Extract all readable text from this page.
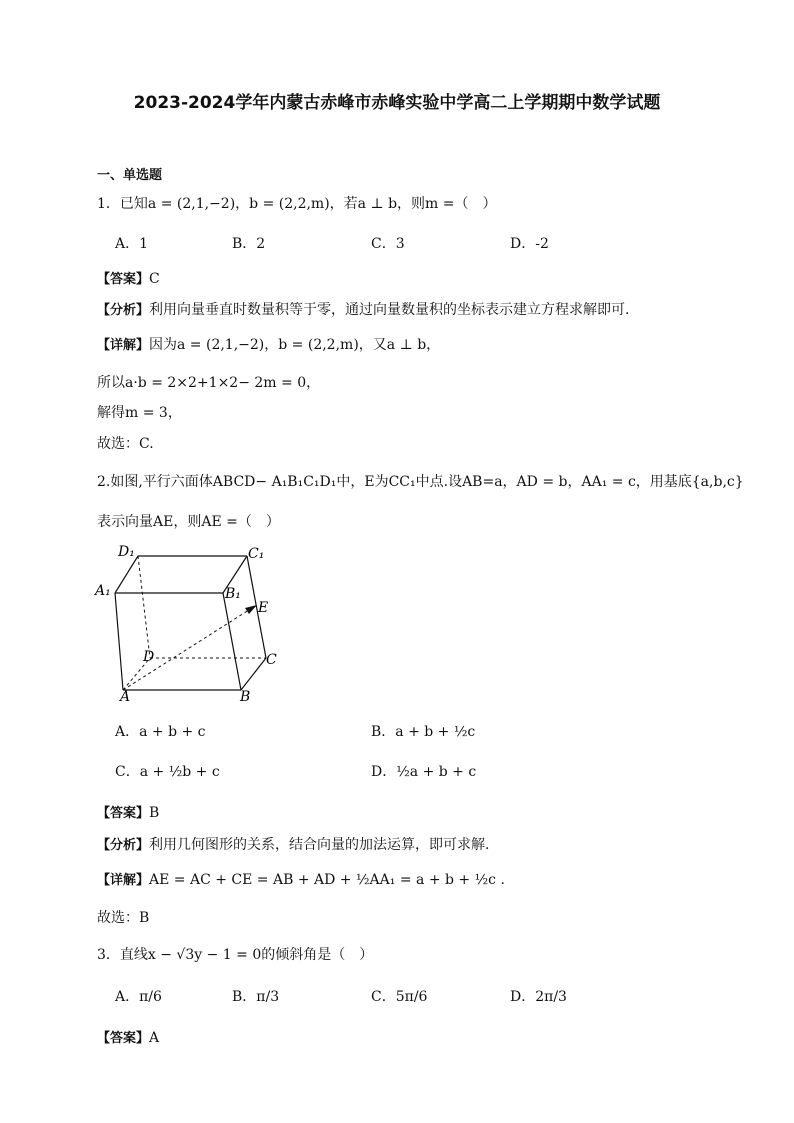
2023-2024学年内蒙古赤峰市赤峰实验中学高二上学期期中数学试题
一、单选题
1．已知a = (2,1,−2)，b = (2,2,m)，若a ⊥ b，则m =（　）
A．1	B．2	C．3	D．-2
【答案】C
【分析】利用向量垂直时数量积等于零，通过向量数量积的坐标表示建立方程求解即可.
【详解】因为a = (2,1,−2)，b = (2,2,m)，又a ⊥ b，
所以a·b = 2×2+1×2− 2m = 0，
解得m = 3，
故选：C.
2.如图,平行六面体ABCD− A₁B₁C₁D₁中，E为CC₁中点.设AB=a，AD = b，AA₁ = c，用基底{a,b,c}
表示向量AE，则AE =（　）
D₁	C₁
A₁	B₁
E
D	C
A	B
A．a + b + c	B．a + b + ½c
C．a + ½b + c	D．½a + b + c
【答案】B
【分析】利用几何图形的关系，结合向量的加法运算，即可求解.
【详解】AE = AC + CE = AB + AD + ½AA₁ = a + b + ½c .
故选：B
3．直线x − √3y − 1 = 0的倾斜角是（　）
A．π/6	B．π/3	C．5π/6	D．2π/3
【答案】A
